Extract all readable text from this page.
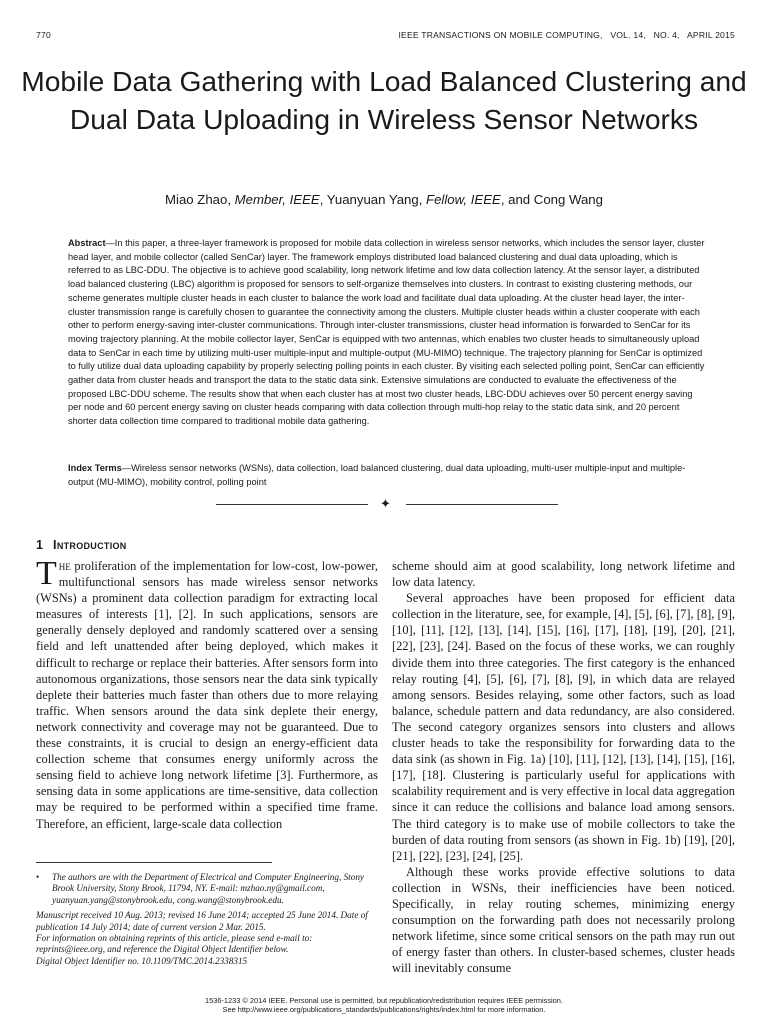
770	IEEE TRANSACTIONS ON MOBILE COMPUTING,   VOL. 14,   NO. 4,   APRIL 2015
Mobile Data Gathering with Load Balanced Clustering and Dual Data Uploading in Wireless Sensor Networks
Miao Zhao, Member, IEEE, Yuanyuan Yang, Fellow, IEEE, and Cong Wang
Abstract—In this paper, a three-layer framework is proposed for mobile data collection in wireless sensor networks, which includes the sensor layer, cluster head layer, and mobile collector (called SenCar) layer. The framework employs distributed load balanced clustering and dual data uploading, which is referred to as LBC-DDU. The objective is to achieve good scalability, long network lifetime and low data collection latency. At the sensor layer, a distributed load balanced clustering (LBC) algorithm is proposed for sensors to self-organize themselves into clusters. In contrast to existing clustering methods, our scheme generates multiple cluster heads in each cluster to balance the work load and facilitate dual data uploading. At the cluster head layer, the inter-cluster transmission range is carefully chosen to guarantee the connectivity among the clusters. Multiple cluster heads within a cluster cooperate with each other to perform energy-saving inter-cluster communications. Through inter-cluster transmissions, cluster head information is forwarded to SenCar for its moving trajectory planning. At the mobile collector layer, SenCar is equipped with two antennas, which enables two cluster heads to simultaneously upload data to SenCar in each time by utilizing multi-user multiple-input and multiple-output (MU-MIMO) technique. The trajectory planning for SenCar is optimized to fully utilize dual data uploading capability by properly selecting polling points in each cluster. By visiting each selected polling point, SenCar can efficiently gather data from cluster heads and transport the data to the static data sink. Extensive simulations are conducted to evaluate the effectiveness of the proposed LBC-DDU scheme. The results show that when each cluster has at most two cluster heads, LBC-DDU achieves over 50 percent energy saving per node and 60 percent energy saving on cluster heads comparing with data collection through multi-hop relay to the static data sink, and 20 percent shorter data collection time compared to traditional mobile data gathering.
Index Terms—Wireless sensor networks (WSNs), data collection, load balanced clustering, dual data uploading, multi-user multiple-input and multiple-output (MU-MIMO), mobility control, polling point
✦
1 Introduction

The proliferation of the implementation for low-cost, low-power, multifunctional sensors has made wireless sensor networks (WSNs) a prominent data collection paradigm for extracting local measures of interests [1], [2]. In such applications, sensors are generally densely deployed and randomly scattered over a sensing field and left unattended after being deployed, which makes it difficult to recharge or replace their batteries. After sensors form into autonomous organizations, those sensors near the data sink typically deplete their batteries much faster than others due to more relaying traffic. When sensors around the data sink deplete their energy, network connectivity and coverage may not be guaranteed. Due to these constraints, it is crucial to design an energy-efficient data collection scheme that consumes energy uniformly across the sensing field to achieve long network lifetime [3]. Furthermore, as sensing data in some applications are time-sensitive, data collection may be required to be performed within a specified time frame. Therefore, an efficient, large-scale data collection

scheme should aim at good scalability, long network lifetime and low data latency.

Several approaches have been proposed for efficient data collection in the literature, see, for example, [4], [5], [6], [7], [8], [9], [10], [11], [12], [13], [14], [15], [16], [17], [18], [19], [20], [21], [22], [23], [24]. Based on the focus of these works, we can roughly divide them into three categories. The first category is the enhanced relay routing [4], [5], [6], [7], [8], [9], in which data are relayed among sensors. Besides relaying, some other factors, such as load balance, schedule pattern and data redundancy, are also considered. The second category organizes sensors into clusters and allows cluster heads to take the responsibility for forwarding data to the data sink (as shown in Fig. 1a) [10], [11], [12], [13], [14], [15], [16], [17], [18]. Clustering is particularly useful for applications with scalability requirement and is very effective in local data aggregation since it can reduce the collisions and balance load among sensors. The third category is to make use of mobile collectors to take the burden of data routing from sensors (as shown in Fig. 1b) [19], [20], [21], [22], [23], [24], [25].

Although these works provide effective solutions to data collection in WSNs, their inefficiencies have been noticed. Specifically, in relay routing schemes, minimizing energy consumption on the forwarding path does not necessarily prolong network lifetime, since some critical sensors on the path may run out of energy faster than others. In cluster-based schemes, cluster heads will inevitably consume

•	The authors are with the Department of Electrical and Computer Engineering, Stony Brook University, Stony Brook, 11794, NY. E-mail: mzhao.ny@gmail.com, yuanyuan.yang@stonybrook.edu, cong.wang@stonybrook.edu.

Manuscript received 10 Aug. 2013; revised 16 June 2014; accepted 25 June 2014. Date of publication 14 July 2014; date of current version 2 Mar. 2015.

For information on obtaining reprints of this article, please send e-mail to: reprints@ieee.org, and reference the Digital Object Identifier below.

Digital Object Identifier no. 10.1109/TMC.2014.2338315

1536-1233 © 2014 IEEE. Personal use is permitted, but republication/redistribution requires IEEE permission.
See http://www.ieee.org/publications_standards/publications/rights/index.html for more information.
